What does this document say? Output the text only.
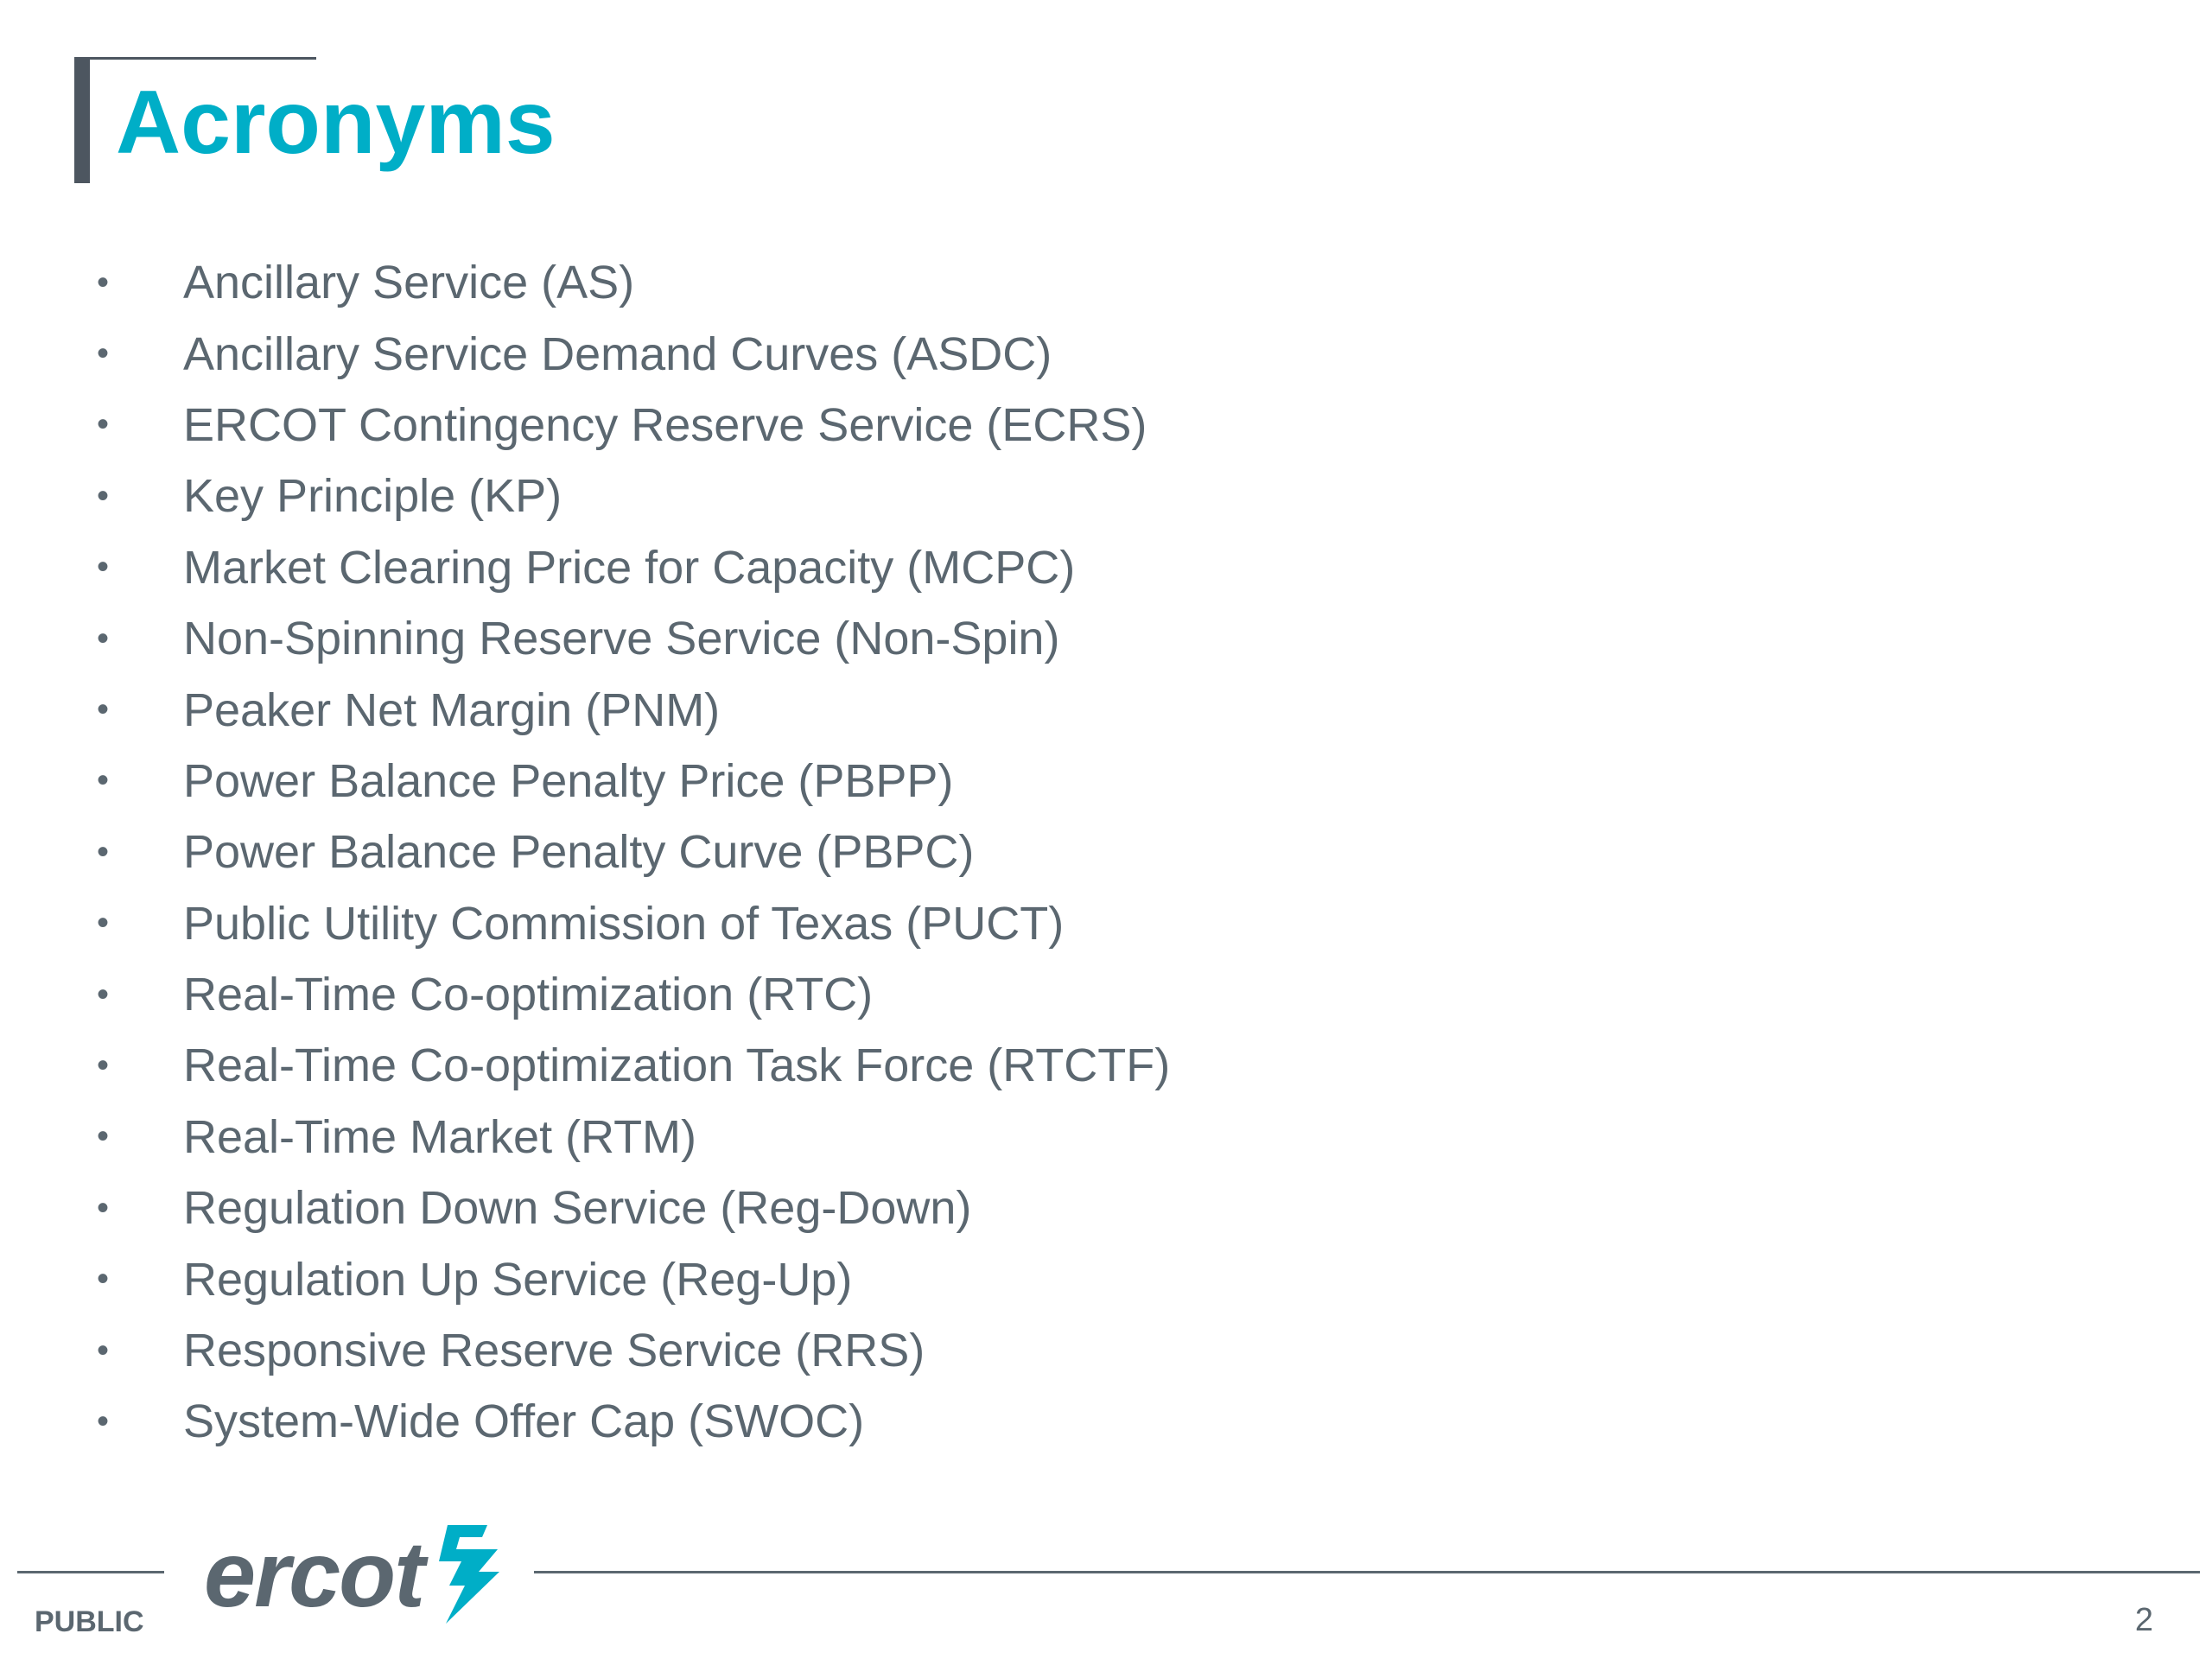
Acronyms
•	Ancillary Service (AS)
•	Ancillary Service Demand Curves (ASDC)
•	ERCOT Contingency Reserve Service (ECRS)
•	Key Principle (KP)
•	Market Clearing Price for Capacity (MCPC)
•	Non-Spinning Reserve Service (Non-Spin)
•	Peaker Net Margin (PNM)
•	Power Balance Penalty Price (PBPP)
•	Power Balance Penalty Curve (PBPC)
•	Public Utility Commission of Texas (PUCT)
•	Real-Time Co-optimization (RTC)
•	Real-Time Co-optimization Task Force (RTCTF)
•	Real-Time Market (RTM)
•	Regulation Down Service (Reg-Down)
•	Regulation Up Service (Reg-Up)
•	Responsive Reserve Service (RRS)
•	System-Wide Offer Cap (SWOC)
ercot
PUBLIC	2
